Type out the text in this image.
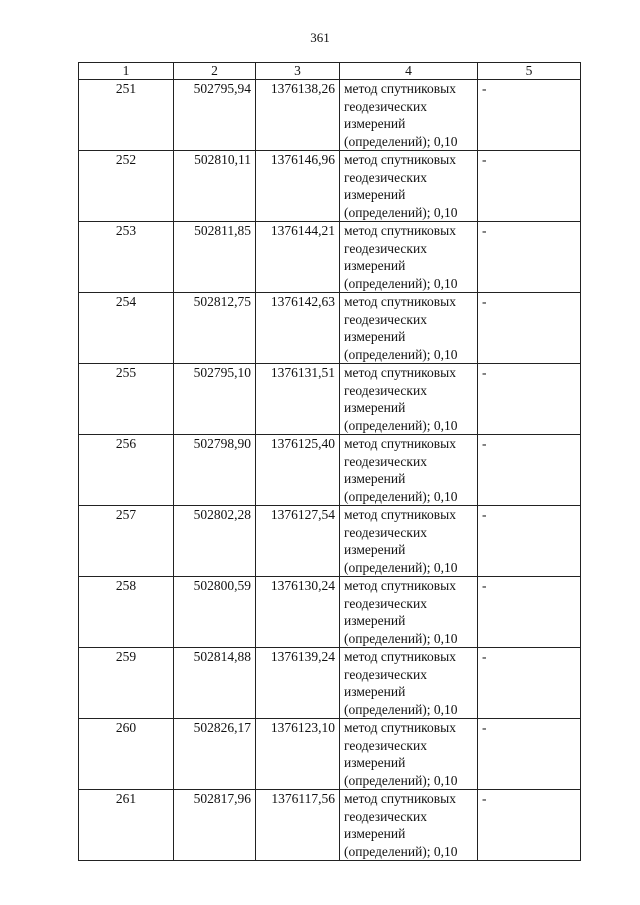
361
1	2	3	4	5
251	502795,94	1376138,26	метод спутниковых
геодезических
измерений
(определений); 0,10	-
252	502810,11	1376146,96	метод спутниковых
геодезических
измерений
(определений); 0,10	-
253	502811,85	1376144,21	метод спутниковых
геодезических
измерений
(определений); 0,10	-
254	502812,75	1376142,63	метод спутниковых
геодезических
измерений
(определений); 0,10	-
255	502795,10	1376131,51	метод спутниковых
геодезических
измерений
(определений); 0,10	-
256	502798,90	1376125,40	метод спутниковых
геодезических
измерений
(определений); 0,10	-
257	502802,28	1376127,54	метод спутниковых
геодезических
измерений
(определений); 0,10	-
258	502800,59	1376130,24	метод спутниковых
геодезических
измерений
(определений); 0,10	-
259	502814,88	1376139,24	метод спутниковых
геодезических
измерений
(определений); 0,10	-
260	502826,17	1376123,10	метод спутниковых
геодезических
измерений
(определений); 0,10	-
261	502817,96	1376117,56	метод спутниковых
геодезических
измерений
(определений); 0,10	-
